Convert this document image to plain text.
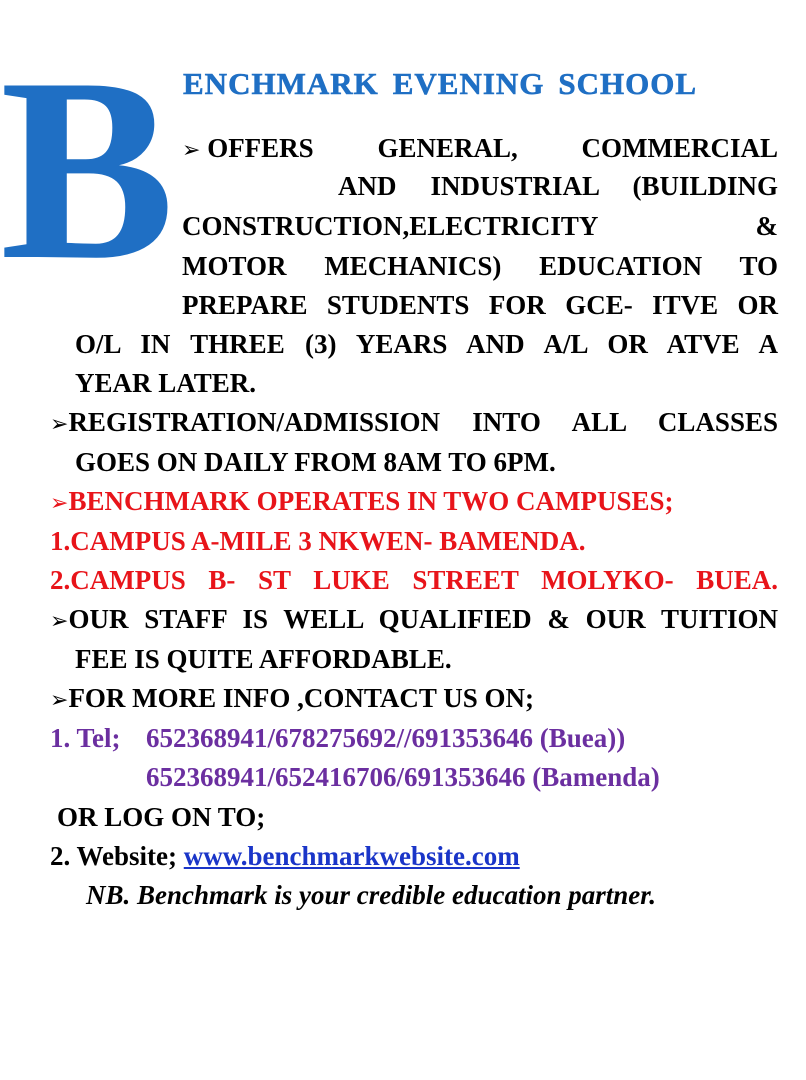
B ENCHMARK EVENING SCHOOL
➢ OFFERS GENERAL, COMMERCIAL
AND INDUSTRIAL (BUILDING
CONSTRUCTION,ELECTRICITY	&
MOTOR MECHANICS) EDUCATION TO
PREPARE STUDENTS FOR GCE- ITVE OR
O/L IN THREE (3) YEARS AND A/L OR ATVE A
YEAR LATER.
➢REGISTRATION/ADMISSION INTO ALL CLASSES
GOES ON DAILY FROM 8AM TO 6PM.
➢BENCHMARK OPERATES IN TWO CAMPUSES;
1.CAMPUS A-MILE 3 NKWEN- BAMENDA.
2.CAMPUS B- ST LUKE STREET MOLYKO- BUEA.
➢OUR STAFF IS WELL QUALIFIED & OUR TUITION
FEE IS QUITE AFFORDABLE.
➢FOR MORE INFO ,CONTACT US ON;
1. Tel; 652368941/678275692//691353646 (Buea))
652368941/652416706/691353646 (Bamenda)
OR LOG ON TO;
2. Website; www.benchmarkwebsite.com
NB. Benchmark is your credible education partner.
